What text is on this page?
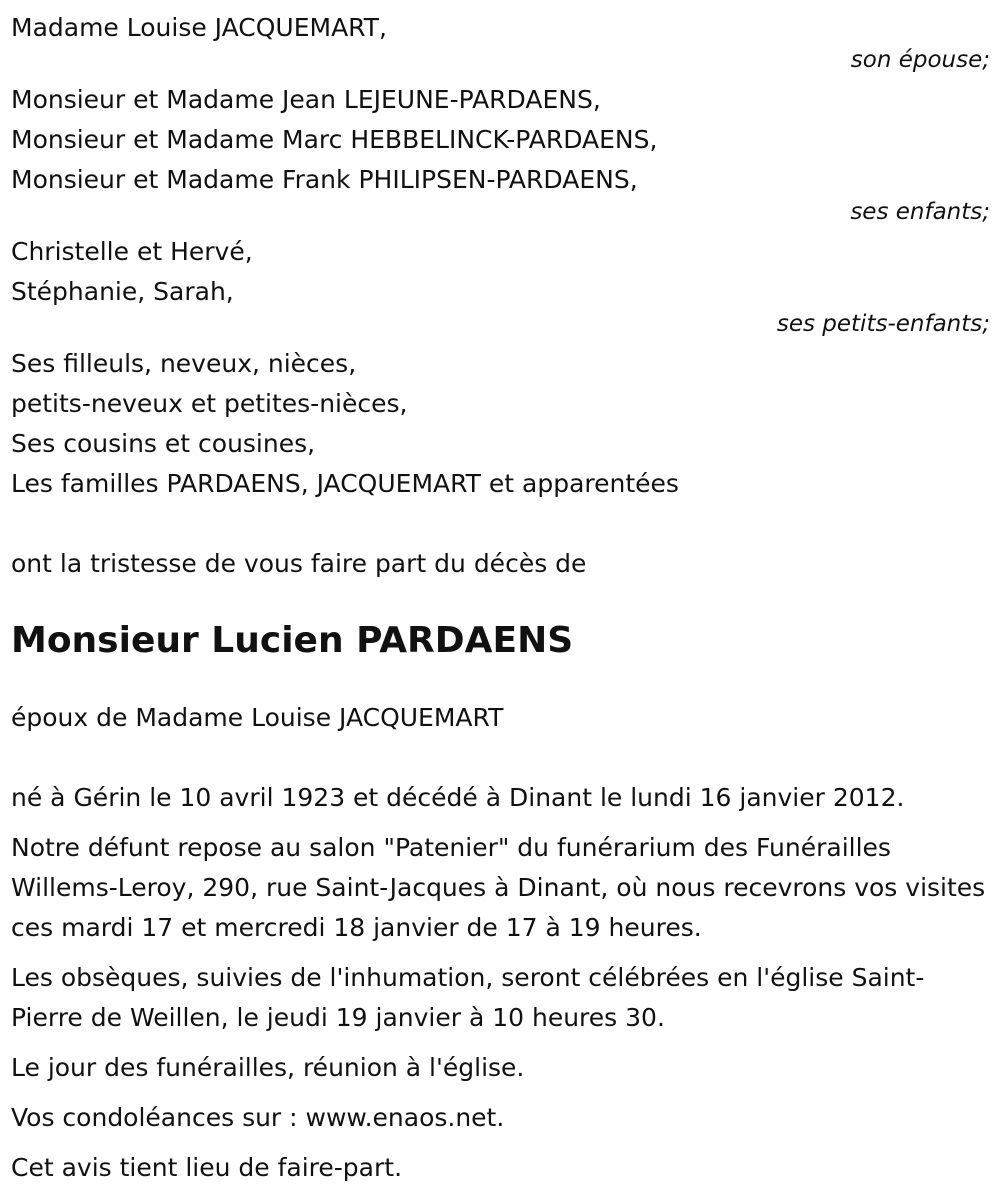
Madame Louise JACQUEMART,
son épouse;
Monsieur et Madame Jean LEJEUNE-PARDAENS,
Monsieur et Madame Marc HEBBELINCK-PARDAENS,
Monsieur et Madame Frank PHILIPSEN-PARDAENS,
ses enfants;
Christelle et Hervé,
Stéphanie, Sarah,
ses petits-enfants;
Ses filleuls, neveux, nièces,
petits-neveux et petites-nièces,
Ses cousins et cousines,
Les familles PARDAENS, JACQUEMART et apparentées
ont la tristesse de vous faire part du décès de
Monsieur Lucien PARDAENS
époux de Madame Louise JACQUEMART
né à Gérin le 10 avril 1923 et décédé à Dinant le lundi 16 janvier 2012.
Notre défunt repose au salon "Patenier" du funérarium des Funérailles Willems-Leroy, 290, rue Saint-Jacques à Dinant, où nous recevrons vos visites ces mardi 17 et mercredi 18 janvier de 17 à 19 heures.
Les obsèques, suivies de l'inhumation, seront célébrées en l'église Saint-Pierre de Weillen, le jeudi 19 janvier à 10 heures 30.
Le jour des funérailles, réunion à l'église.
Vos condoléances sur : www.enaos.net.
Cet avis tient lieu de faire-part.
